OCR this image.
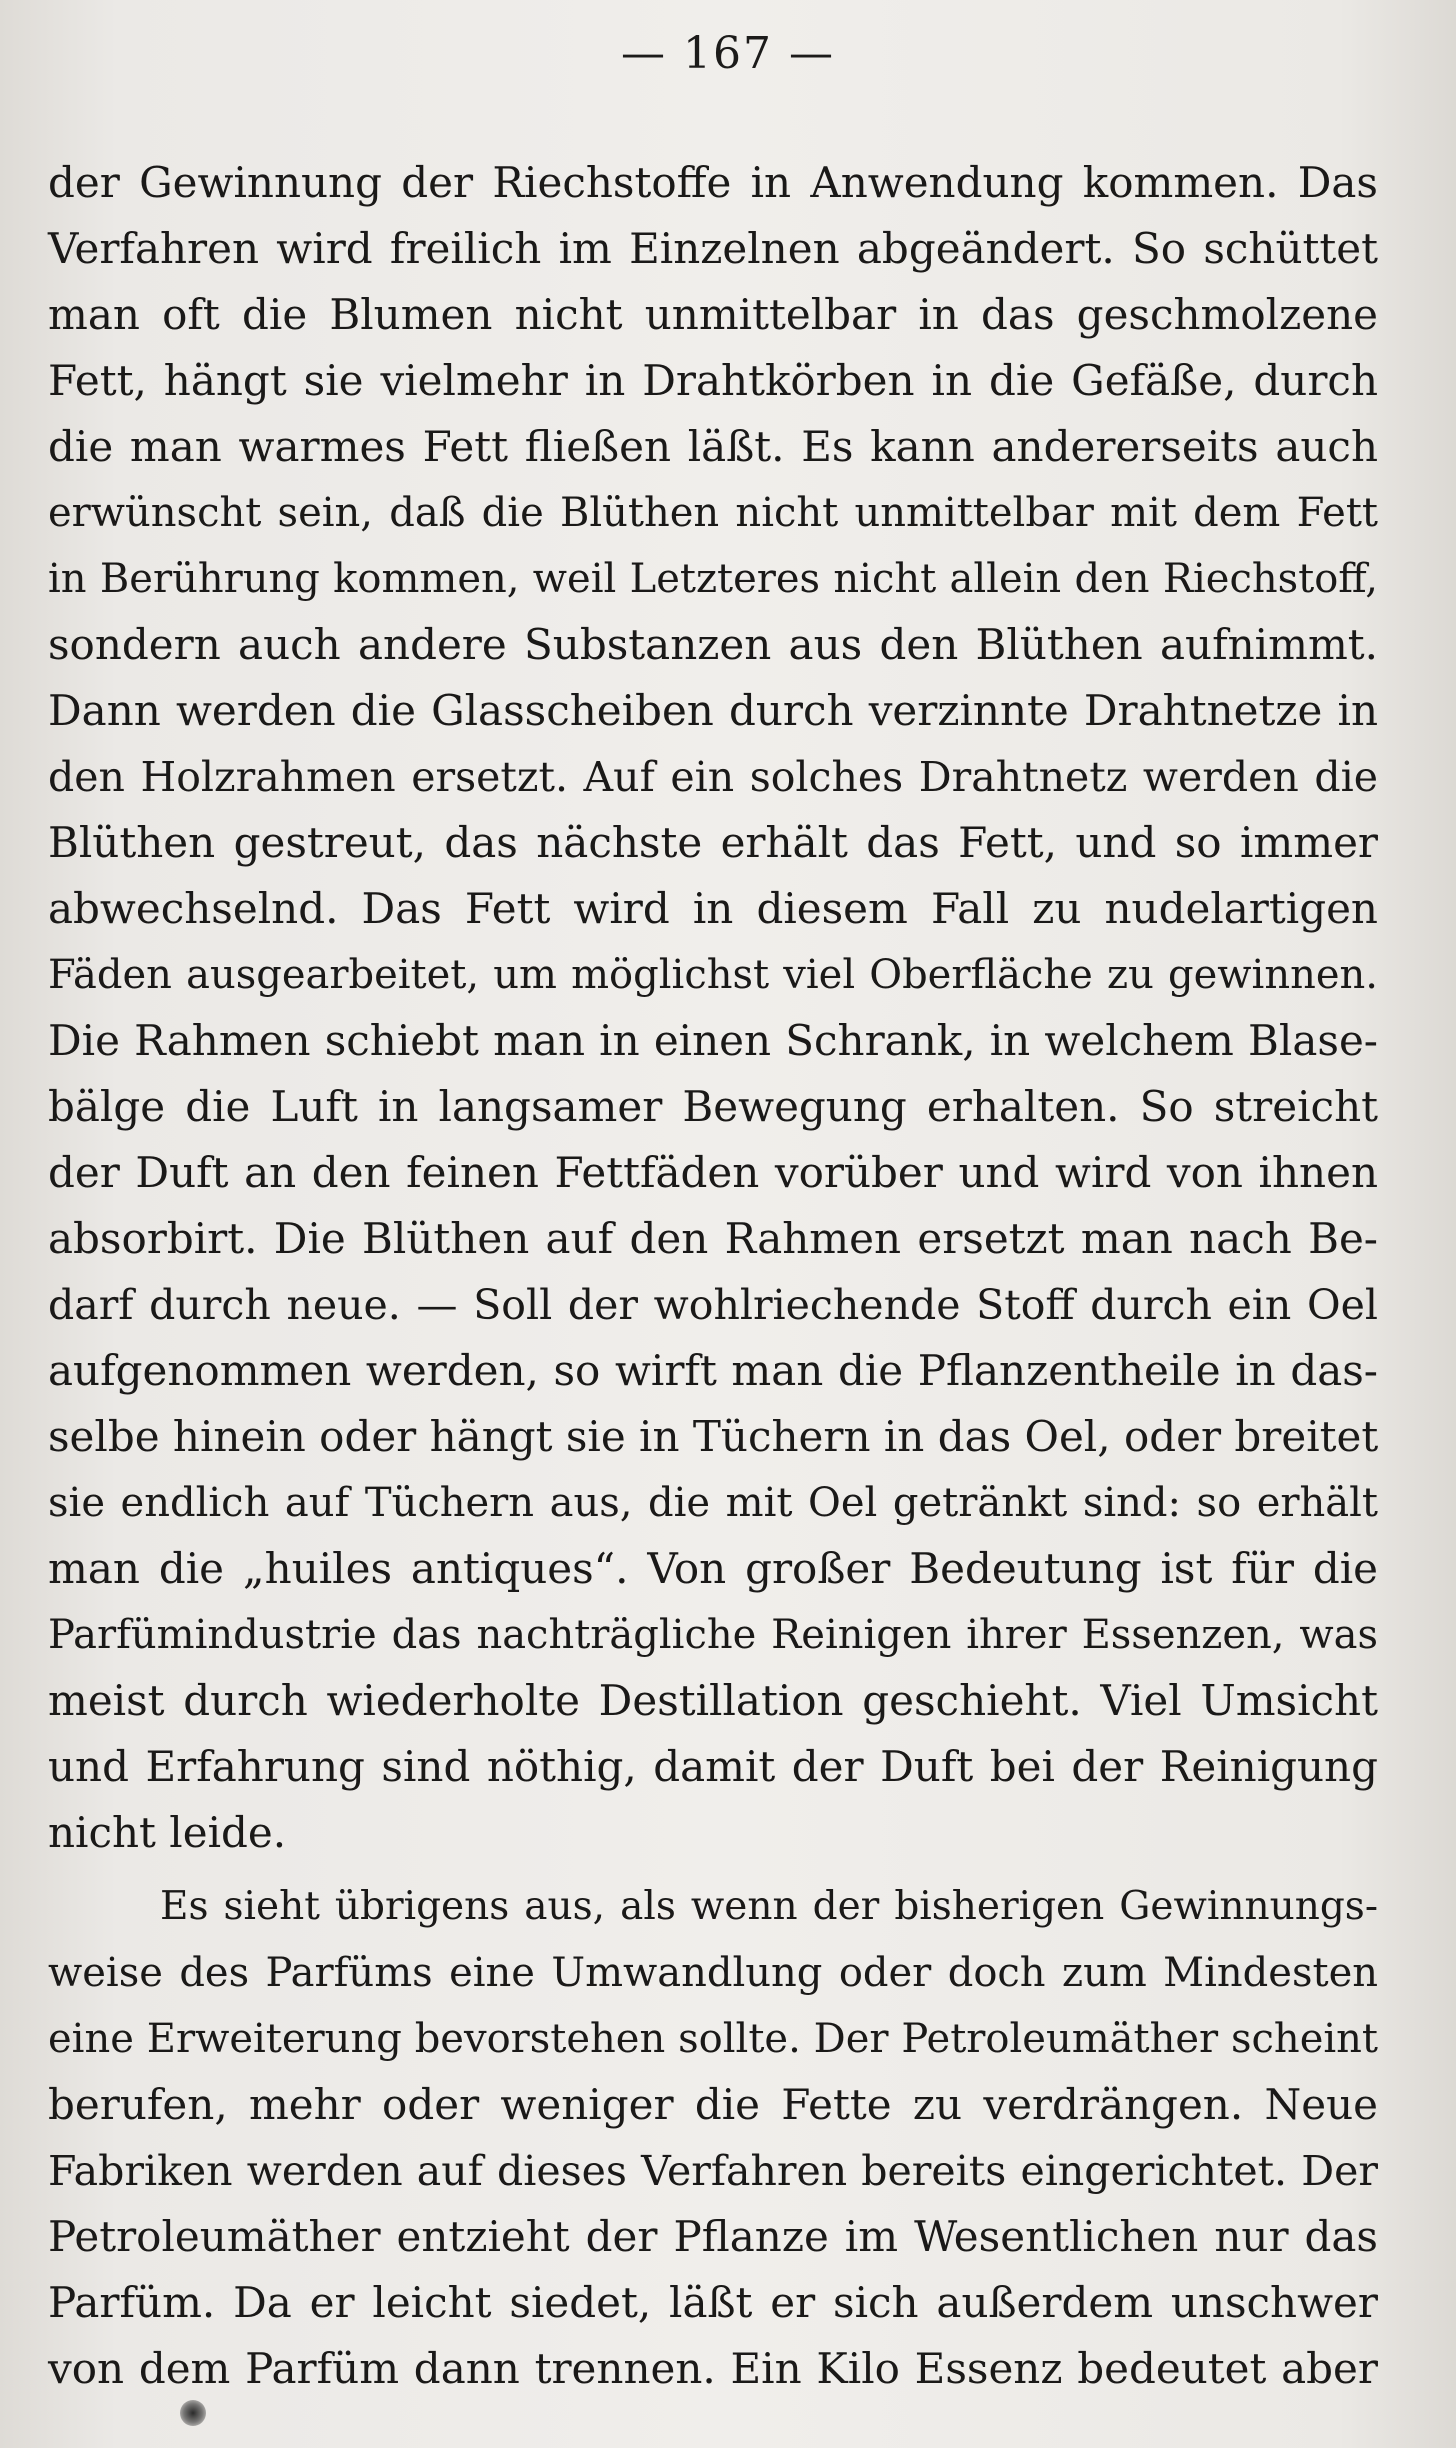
— 167 —
der Gewinnung der Riechstoffe in Anwendung kommen. Das
Verfahren wird freilich im Einzelnen abgeändert. So schüttet
man oft die Blumen nicht unmittelbar in das geschmolzene
Fett, hängt sie vielmehr in Drahtkörben in die Gefäße, durch
die man warmes Fett fließen läßt. Es kann andererseits auch
erwünscht sein, daß die Blüthen nicht unmittelbar mit dem Fett
in Berührung kommen, weil Letzteres nicht allein den Riechstoff,
sondern auch andere Substanzen aus den Blüthen aufnimmt.
Dann werden die Glasscheiben durch verzinnte Drahtnetze in
den Holzrahmen ersetzt. Auf ein solches Drahtnetz werden die
Blüthen gestreut, das nächste erhält das Fett, und so immer
abwechselnd. Das Fett wird in diesem Fall zu nudelartigen
Fäden ausgearbeitet, um möglichst viel Oberfläche zu gewinnen.
Die Rahmen schiebt man in einen Schrank, in welchem Blase-
bälge die Luft in langsamer Bewegung erhalten. So streicht
der Duft an den feinen Fettfäden vorüber und wird von ihnen
absorbirt. Die Blüthen auf den Rahmen ersetzt man nach Be-
darf durch neue. — Soll der wohlriechende Stoff durch ein Oel
aufgenommen werden, so wirft man die Pflanzentheile in das-
selbe hinein oder hängt sie in Tüchern in das Oel, oder breitet
sie endlich auf Tüchern aus, die mit Oel getränkt sind: so erhält
man die „huiles antiques“. Von großer Bedeutung ist für die
Parfümindustrie das nachträgliche Reinigen ihrer Essenzen, was
meist durch wiederholte Destillation geschieht. Viel Umsicht
und Erfahrung sind nöthig, damit der Duft bei der Reinigung
nicht leide.
Es sieht übrigens aus, als wenn der bisherigen Gewinnungs-
weise des Parfüms eine Umwandlung oder doch zum Mindesten
eine Erweiterung bevorstehen sollte. Der Petroleumäther scheint
berufen, mehr oder weniger die Fette zu verdrängen. Neue
Fabriken werden auf dieses Verfahren bereits eingerichtet. Der
Petroleumäther entzieht der Pflanze im Wesentlichen nur das
Parfüm. Da er leicht siedet, läßt er sich außerdem unschwer
von dem Parfüm dann trennen. Ein Kilo Essenz bedeutet aber
